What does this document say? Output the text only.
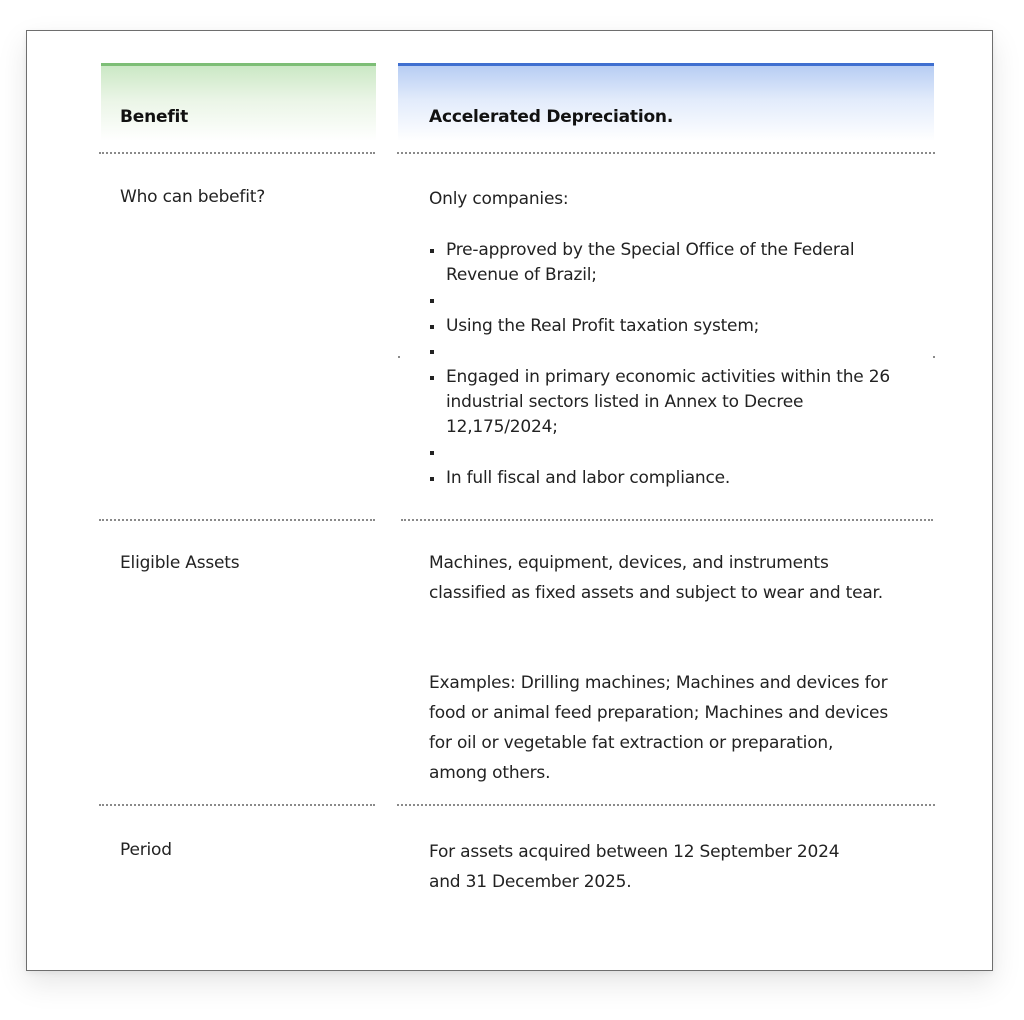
Benefit	Accelerated Depreciation.
Who can bebefit?	Only companies:
Pre-approved by the Special Office of the Federal Revenue of Brazil;
Using the Real Profit taxation system;
Engaged in primary economic activities within the 26 industrial sectors listed in Annex to Decree 12,175/2024;
In full fiscal and labor compliance.
Eligible Assets	Machines, equipment, devices, and instruments classified as fixed assets and subject to wear and tear.
Examples: Drilling machines; Machines and devices for food or animal feed preparation; Machines and devices for oil or vegetable fat extraction or preparation, among others.
Period	For assets acquired between 12 September 2024 and 31 December 2025.
